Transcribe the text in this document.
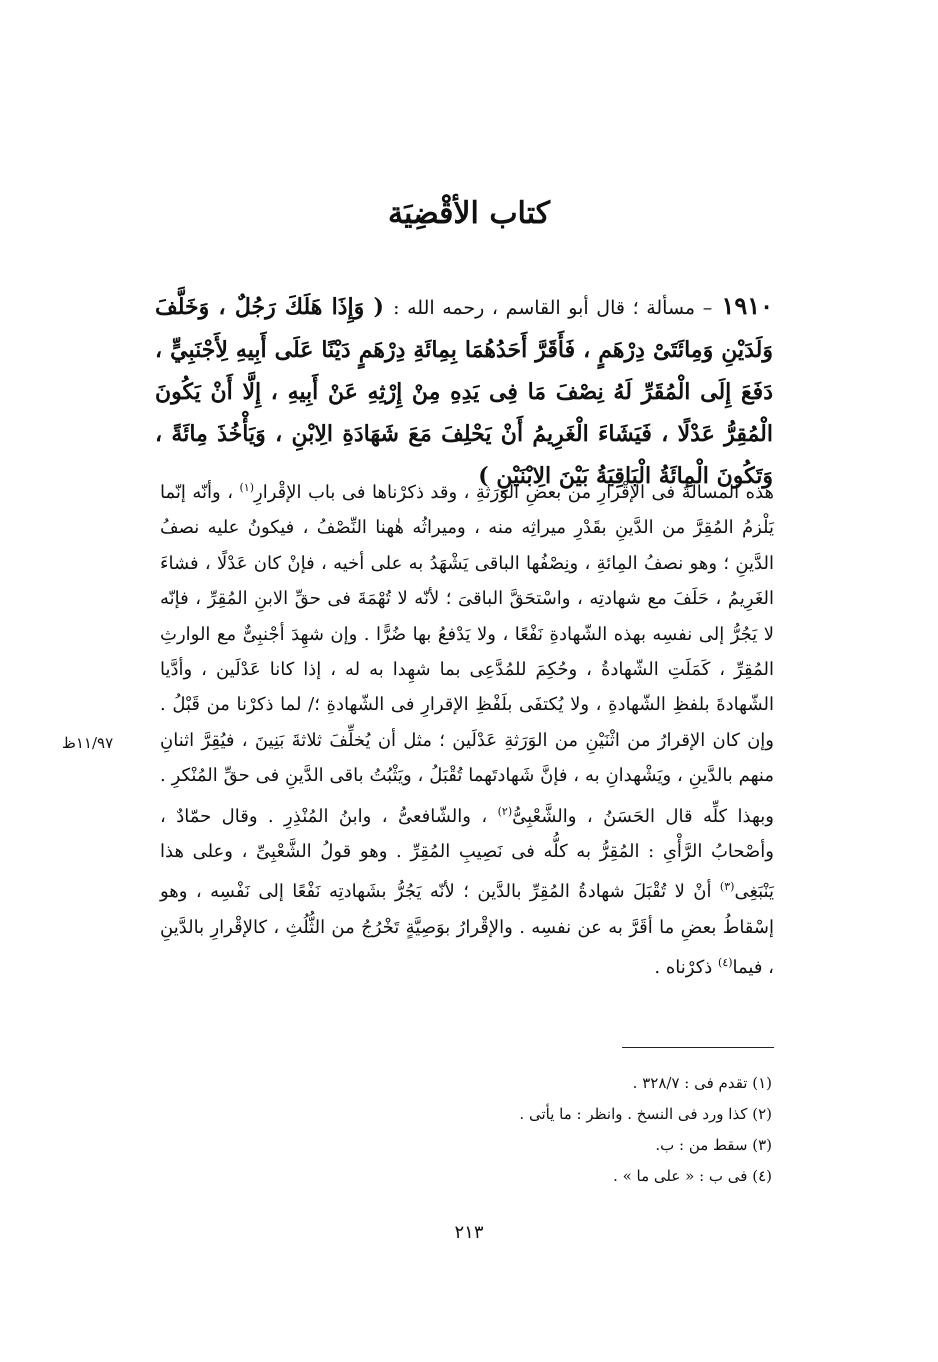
كتاب الأقْضِيَة
١٩١٠ – مسألة ؛ قال أبو القاسم ، رحمه الله : ( وَإِذَا هَلَكَ رَجُلٌ ، وَخَلَّفَ وَلَدَيْنِ وَمِائَتَىْ دِرْهَمٍ ، فَأَقَرَّ أَحَدُهُمَا بِمِائَةِ دِرْهَمٍ دَيْنًا عَلَى أَبِيهِ لِأَجْنَبِيٍّ ، دَفَعَ إِلَى الْمُقَرِّ لَهُ نِصْفَ مَا فِى يَدِهِ مِنْ إِرْثِهِ عَنْ أَبِيهِ ، إِلَّا أَنْ يَكُونَ الْمُقِرُّ عَدْلًا ، فَيَشَاءَ الْغَرِيمُ أَنْ يَحْلِفَ مَعَ شَهَادَةِ الِابْنِ ، وَيَأْخُذَ مِائَةً ، وَتَكُونَ الْمِائَةُ الْبَاقِيَةُ بَيْنَ الِابْنَيْنِ )
هذه المسألةُ فى الإقْرارِ من بعضِ الورَثةِ ، وقد ذكرْناها فى باب الإقْرارِ$^{(١)}$ ، وأنّه إنّما يَلْزمُ المُقِرَّ من الدَّينِ بقَدْرِ ميراثِه منه ، وميراثُه هٰهنا النِّصْفُ ، فيكونُ عليه نصفُ الدَّينِ ؛ وهو نصفُ المِائةِ ، ونِصْفُها الباقى يَشْهَدُ به على أخيه ، فإنْ كان عَدْلًا ، فشاءَ الغَرِيمُ ، حَلَفَ مع شهادتِه ، واسْتحَقَّ الباقىَ ؛ لأنّه لا تُهْمَةَ فى حقِّ الابنِ المُقِرِّ ، فإنّه لا يَجُرُّ إلى نفسِه بهذه الشّهادةِ نَفْعًا ، ولا يَدْفعُ بها ضُرًّا . وإن شهِدَ أجْنبِىٌّ مع الوارثِ المُقِرِّ ، كَمَلَتِ الشّهادةُ ، وحُكِمَ للمُدَّعِى بما شهِدا به له ، إذا كانا عَدْلَين ، وأدَّيا الشّهادةَ بلفظِ الشّهادةِ ، ولا يُكتفَى بلَفْظِ الإقرارِ فى الشّهادةِ ؛/ لما ذكرْنا من قَبْلُ . وإن كان الإقرارُ من اثْنَيْنِ من الوَرَثةِ عَدْلَين ؛ مثل أن يُخلِّفَ ثلاثةَ بَنِينَ ، فيُقِرَّ اثنانِ منهم بالدَّينِ ، ويَشْهدانِ به ، فإنَّ شَهادتَهما تُقْبَلُ ، ويَثْبُتُ باقى الدَّينِ فى حقِّ المُنْكرِ . وبهذا كلِّه قال الحَسَنُ ، والشَّعْبِىُّ$^{(٢)}$ ، والشّافعىُّ ، وابنُ المُنْذِرِ . وقال حمّادٌ ، وأصْحابُ الرَّأْىِ : المُقِرُّ به كلُّه فى نَصِيبِ المُقِرِّ . وهو قولُ الشَّعْبِىِّ ، وعلى هذا يَنْبَغِى$^{(٣)}$ أنْ لا تُقْبَلَ شهادةُ المُقِرِّ بالدَّين ؛ لأنّه يَجُرُّ بشَهادتِه نَفْعًا إلى نَفْسِه ، وهو إسْقاطُ بعضِ ما أقَرَّ به عن نفسِه . والإقْرارُ بوَصِيَّةٍ تَخْرُجُ من الثُّلُثِ ، كالإقْرارِ بالدَّينِ ، فيما$^{(٤)}$ ذكرْناه .
١١/٩٧ظ
(١) تقدم فى : ٣٢٨/٧ .
(٢) كذا ورد فى النسخ . وانظر : ما يأتى .
(٣) سقط من : ب.
(٤) فى ب : « على ما » .
٢١٣
